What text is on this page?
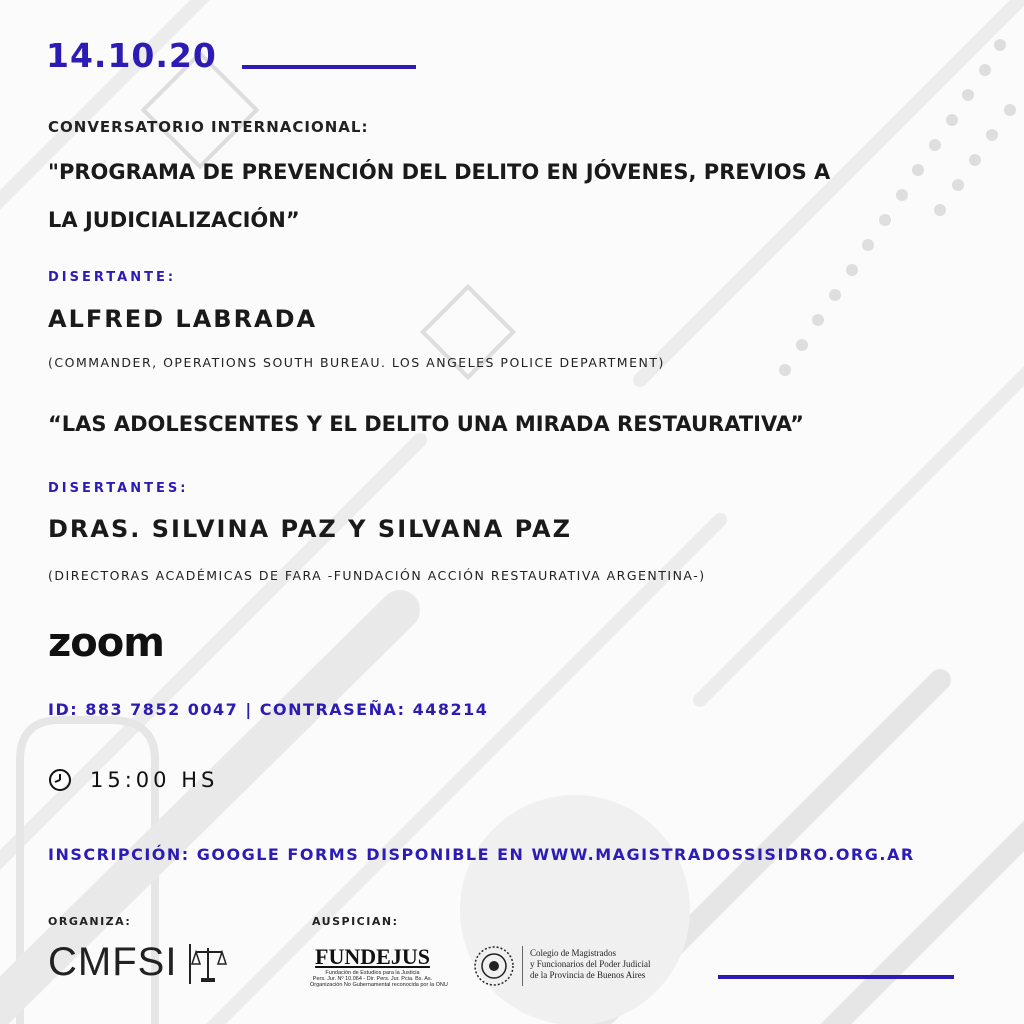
14.10.20
CONVERSATORIO INTERNACIONAL:
"PROGRAMA DE PREVENCIÓN DEL DELITO EN JÓVENES, PREVIOS A
LA JUDICIALIZACIÓN”
DISERTANTE:
ALFRED LABRADA
(COMMANDER, OPERATIONS SOUTH BUREAU. LOS ANGELES POLICE DEPARTMENT)
“LAS ADOLESCENTES Y EL DELITO UNA MIRADA RESTAURATIVA”
DISERTANTES:
DRAS. SILVINA PAZ Y SILVANA PAZ
(DIRECTORAS ACADÉMICAS DE FARA -FUNDACIÓN ACCIÓN RESTAURATIVA ARGENTINA-)
zoom
ID: 883 7852 0047 | CONTRASEÑA: 448214
15:00 HS
INSCRIPCIÓN: GOOGLE FORMS DISPONIBLE EN WWW.MAGISTRADOSSISIDRO.ORG.AR
ORGANIZA:
CMFSI
AUSPICIAN:
FUNDEJUS
Fundación de Estudios para la Justicia
Pers. Jur. Nº 10.064 - Dir. Pers. Jur. Pcia. Bs. As.
Organización No Gubernamental reconocida por la ONU
Colegio de Magistrados
y Funcionarios del Poder Judicial
de la Provincia de Buenos Aires
